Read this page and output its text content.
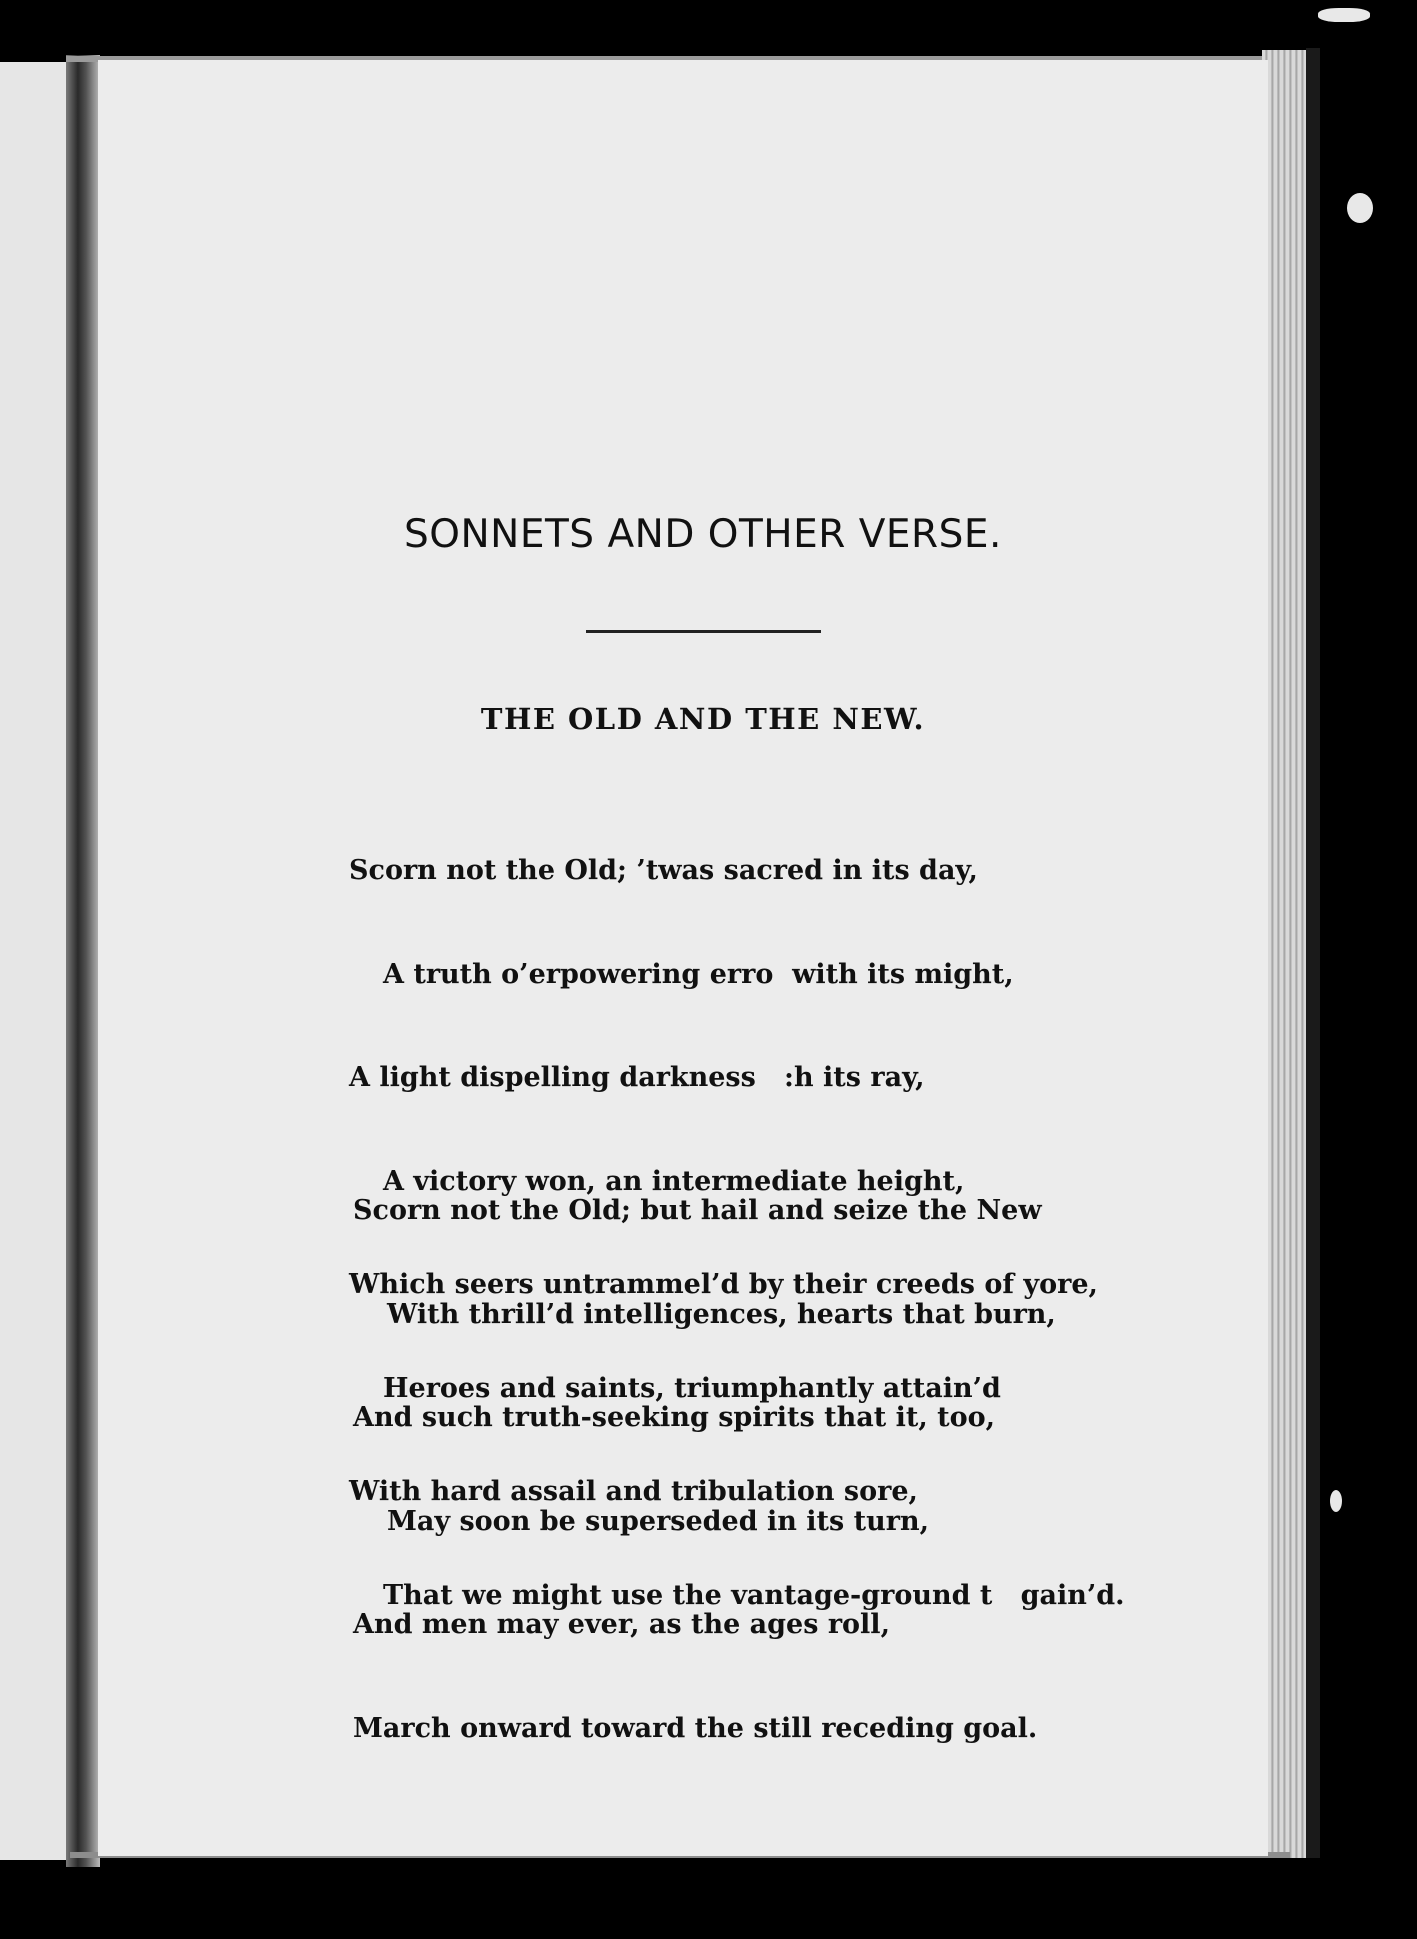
SONNETS AND OTHER VERSE.
THE OLD AND THE NEW.

Scorn not the Old; ’twas sacred in its day,

A truth o’erpowering erro  with its might,

A light dispelling darkness   :h its ray,

A victory won, an intermediate height,

Which seers untrammel’d by their creeds of yore,

Heroes and saints, triumphantly attain’d

With hard assail and tribulation sore,

That we might use the vantage-ground t   gain’d.

Scorn not the Old; but hail and seize the New

With thrill’d intelligences, hearts that burn,

And such truth-seeking spirits that it, too,

May soon be superseded in its turn,

And men may ever, as the ages roll,

March onward toward the still receding goal.
